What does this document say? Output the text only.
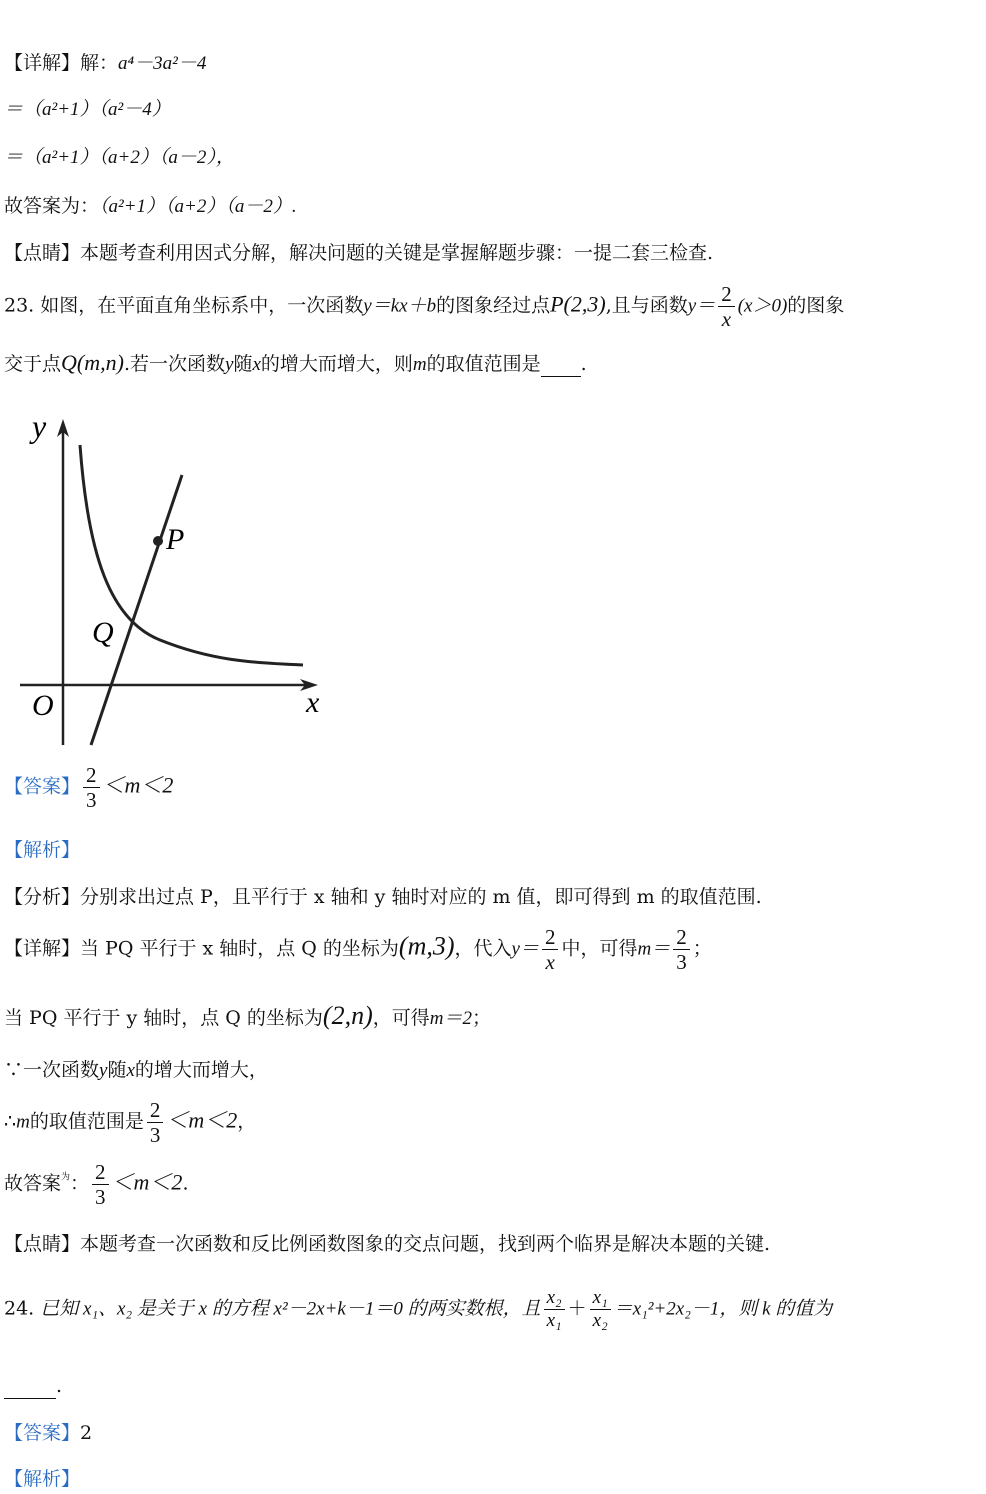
【详解】解：a⁴－3a²－4
＝（a²+1）（a²－4）
＝（a²+1）（a+2）（a－2），
故答案为：（a²+1）（a+2）（a－2）.
【点睛】本题考查利用因式分解，解决问题的关键是掌握解题步骤：一提二套三检查.
23. 如图，在平面直角坐标系中，一次函数y＝kx＋b的图象经过点P(2,3),且与函数$y= \frac{2}{x} (x>0)$的图象
交于点Q(m,n).若一次函数y随x的增大而增大，则m的取值范围是 .
y
x
O
P
Q
【答案】 $\frac{2}{3} <m<2$
【解析】
【分析】分别求出过点 P，且平行于 x 轴和 y 轴时对应的 m 值，即可得到 m 的取值范围.
【详解】当 PQ 平行于 x 轴时，点 Q 的坐标为(m,3)，代入$y= \frac{2}{x}$ 中，可得$m= \frac{2}{3}$ ；
当 PQ 平行于 y 轴时，点 Q 的坐标为(2,n)，可得m＝2；
∵一次函数y随x的增大而增大，
∴m的取值范围是 $\frac{2}{3} <m<2$，
故答案$^为$： $\frac{2}{3} <m<2$.
【点睛】本题考查一次函数和反比例函数图象的交点问题，找到两个临界是解决本题的关键.
24. 已知 x₁、x₂ 是关于 x 的方程 x²－2x+k－1＝0 的两实数根，且 $\frac{\text{x₂}}{\text{x₁}} + \frac{\text{x₁}}{\text{x₂}} =x_1^2+2x_2-1$，则 k 的值为
.
【答案】2
【解析】
